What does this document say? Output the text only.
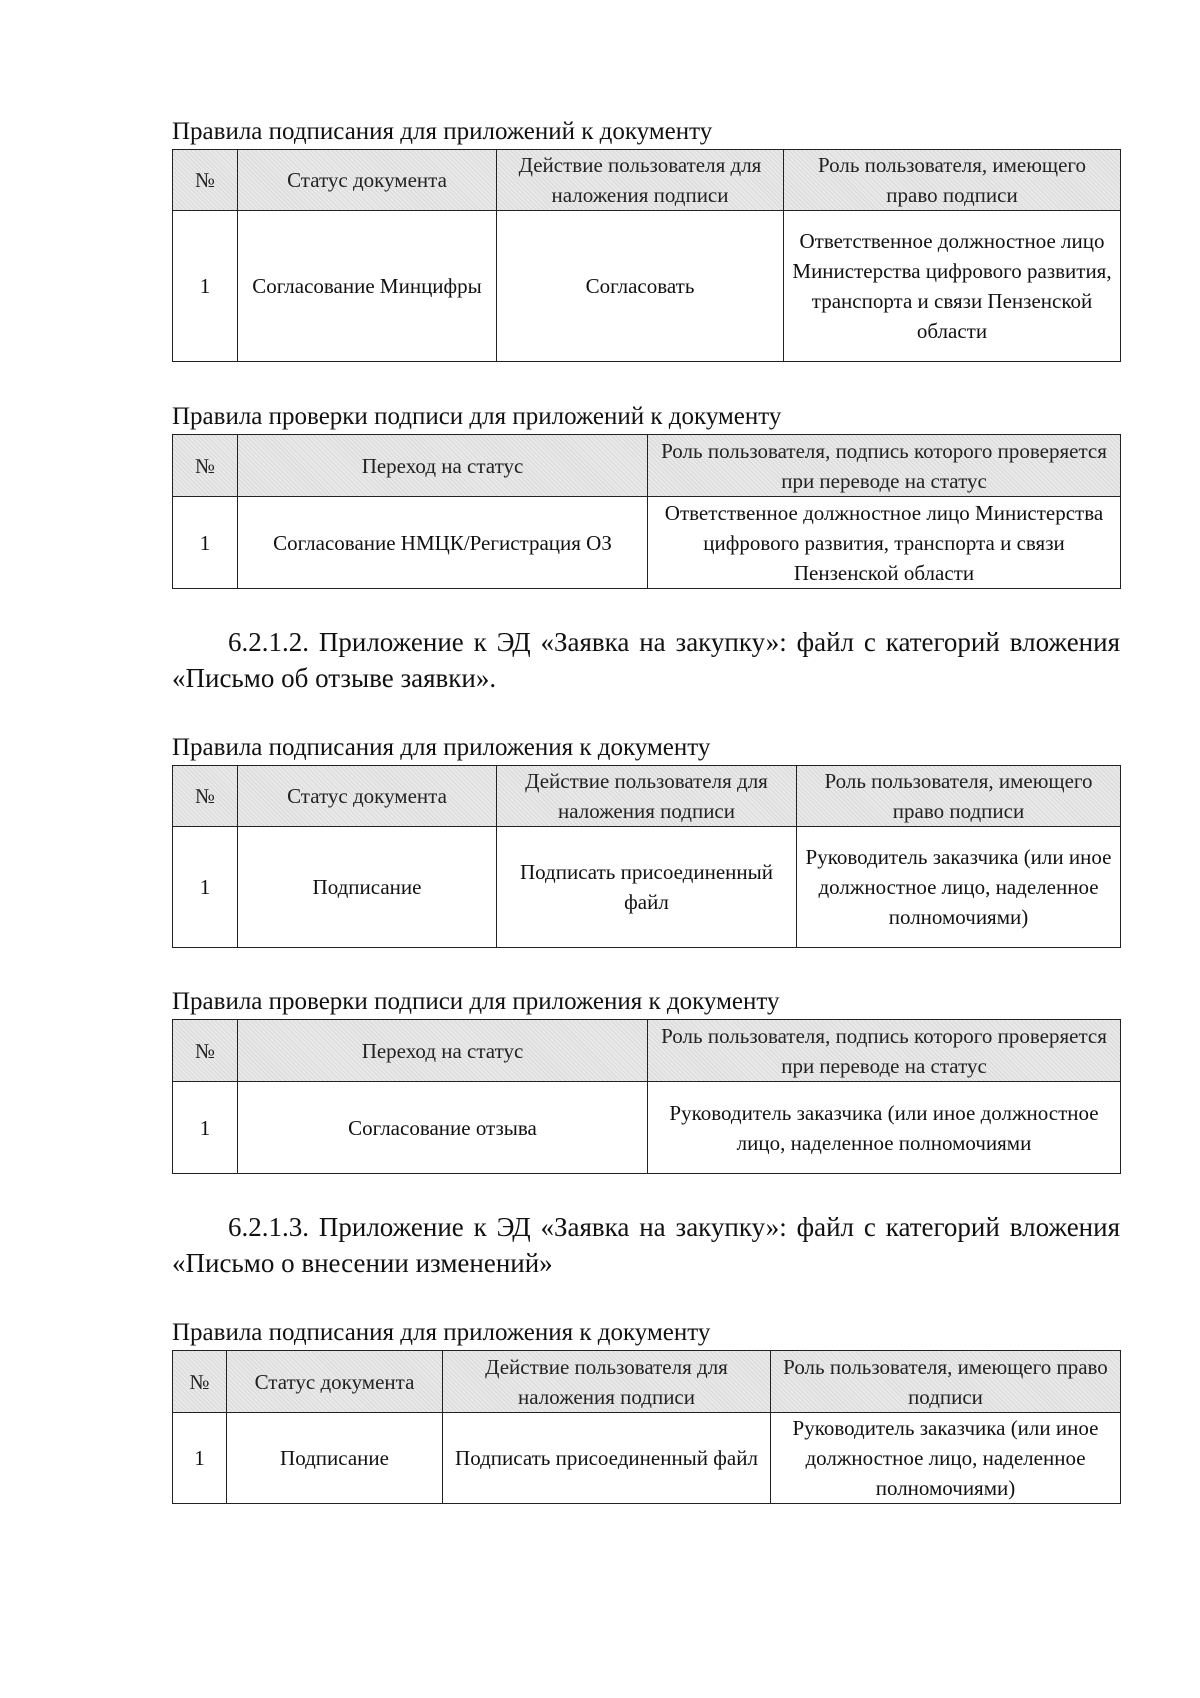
Правила подписания для приложений к документу
№	Статус документа	Действие пользователя для наложения подписи	Роль пользователя, имеющего право подписи
1	Согласование Минцифры	Согласовать	Ответственное должностное лицо Министерства цифрового развития, транспорта и связи Пензенской области
Правила проверки подписи для приложений к документу
№	Переход на статус	Роль пользователя, подпись которого проверяется при переводе на статус
1	Согласование НМЦК/Регистрация ОЗ	Ответственное должностное лицо Министерства цифрового развития, транспорта и связи Пензенской области

6.2.1.2. Приложение к ЭД «Заявка на закупку»: файл с категорий вложения «Письмо об отзыве заявки».

Правила подписания для приложения к документу
№	Статус документа	Действие пользователя для наложения подписи	Роль пользователя, имеющего право подписи
1	Подписание	Подписать присоединенный файл	Руководитель заказчика (или иное должностное лицо, наделенное полномочиями)
Правила проверки подписи для приложения к документу
№	Переход на статус	Роль пользователя, подпись которого проверяется при переводе на статус
1	Согласование отзыва	Руководитель заказчика (или иное должностное лицо, наделенное полномочиями

6.2.1.3. Приложение к ЭД «Заявка на закупку»: файл с категорий вложения «Письмо о внесении изменений»

Правила подписания для приложения к документу
№	Статус документа	Действие пользователя для наложения подписи	Роль пользователя, имеющего право подписи
1	Подписание	Подписать присоединенный файл	Руководитель заказчика (или иное должностное лицо, наделенное полномочиями)
